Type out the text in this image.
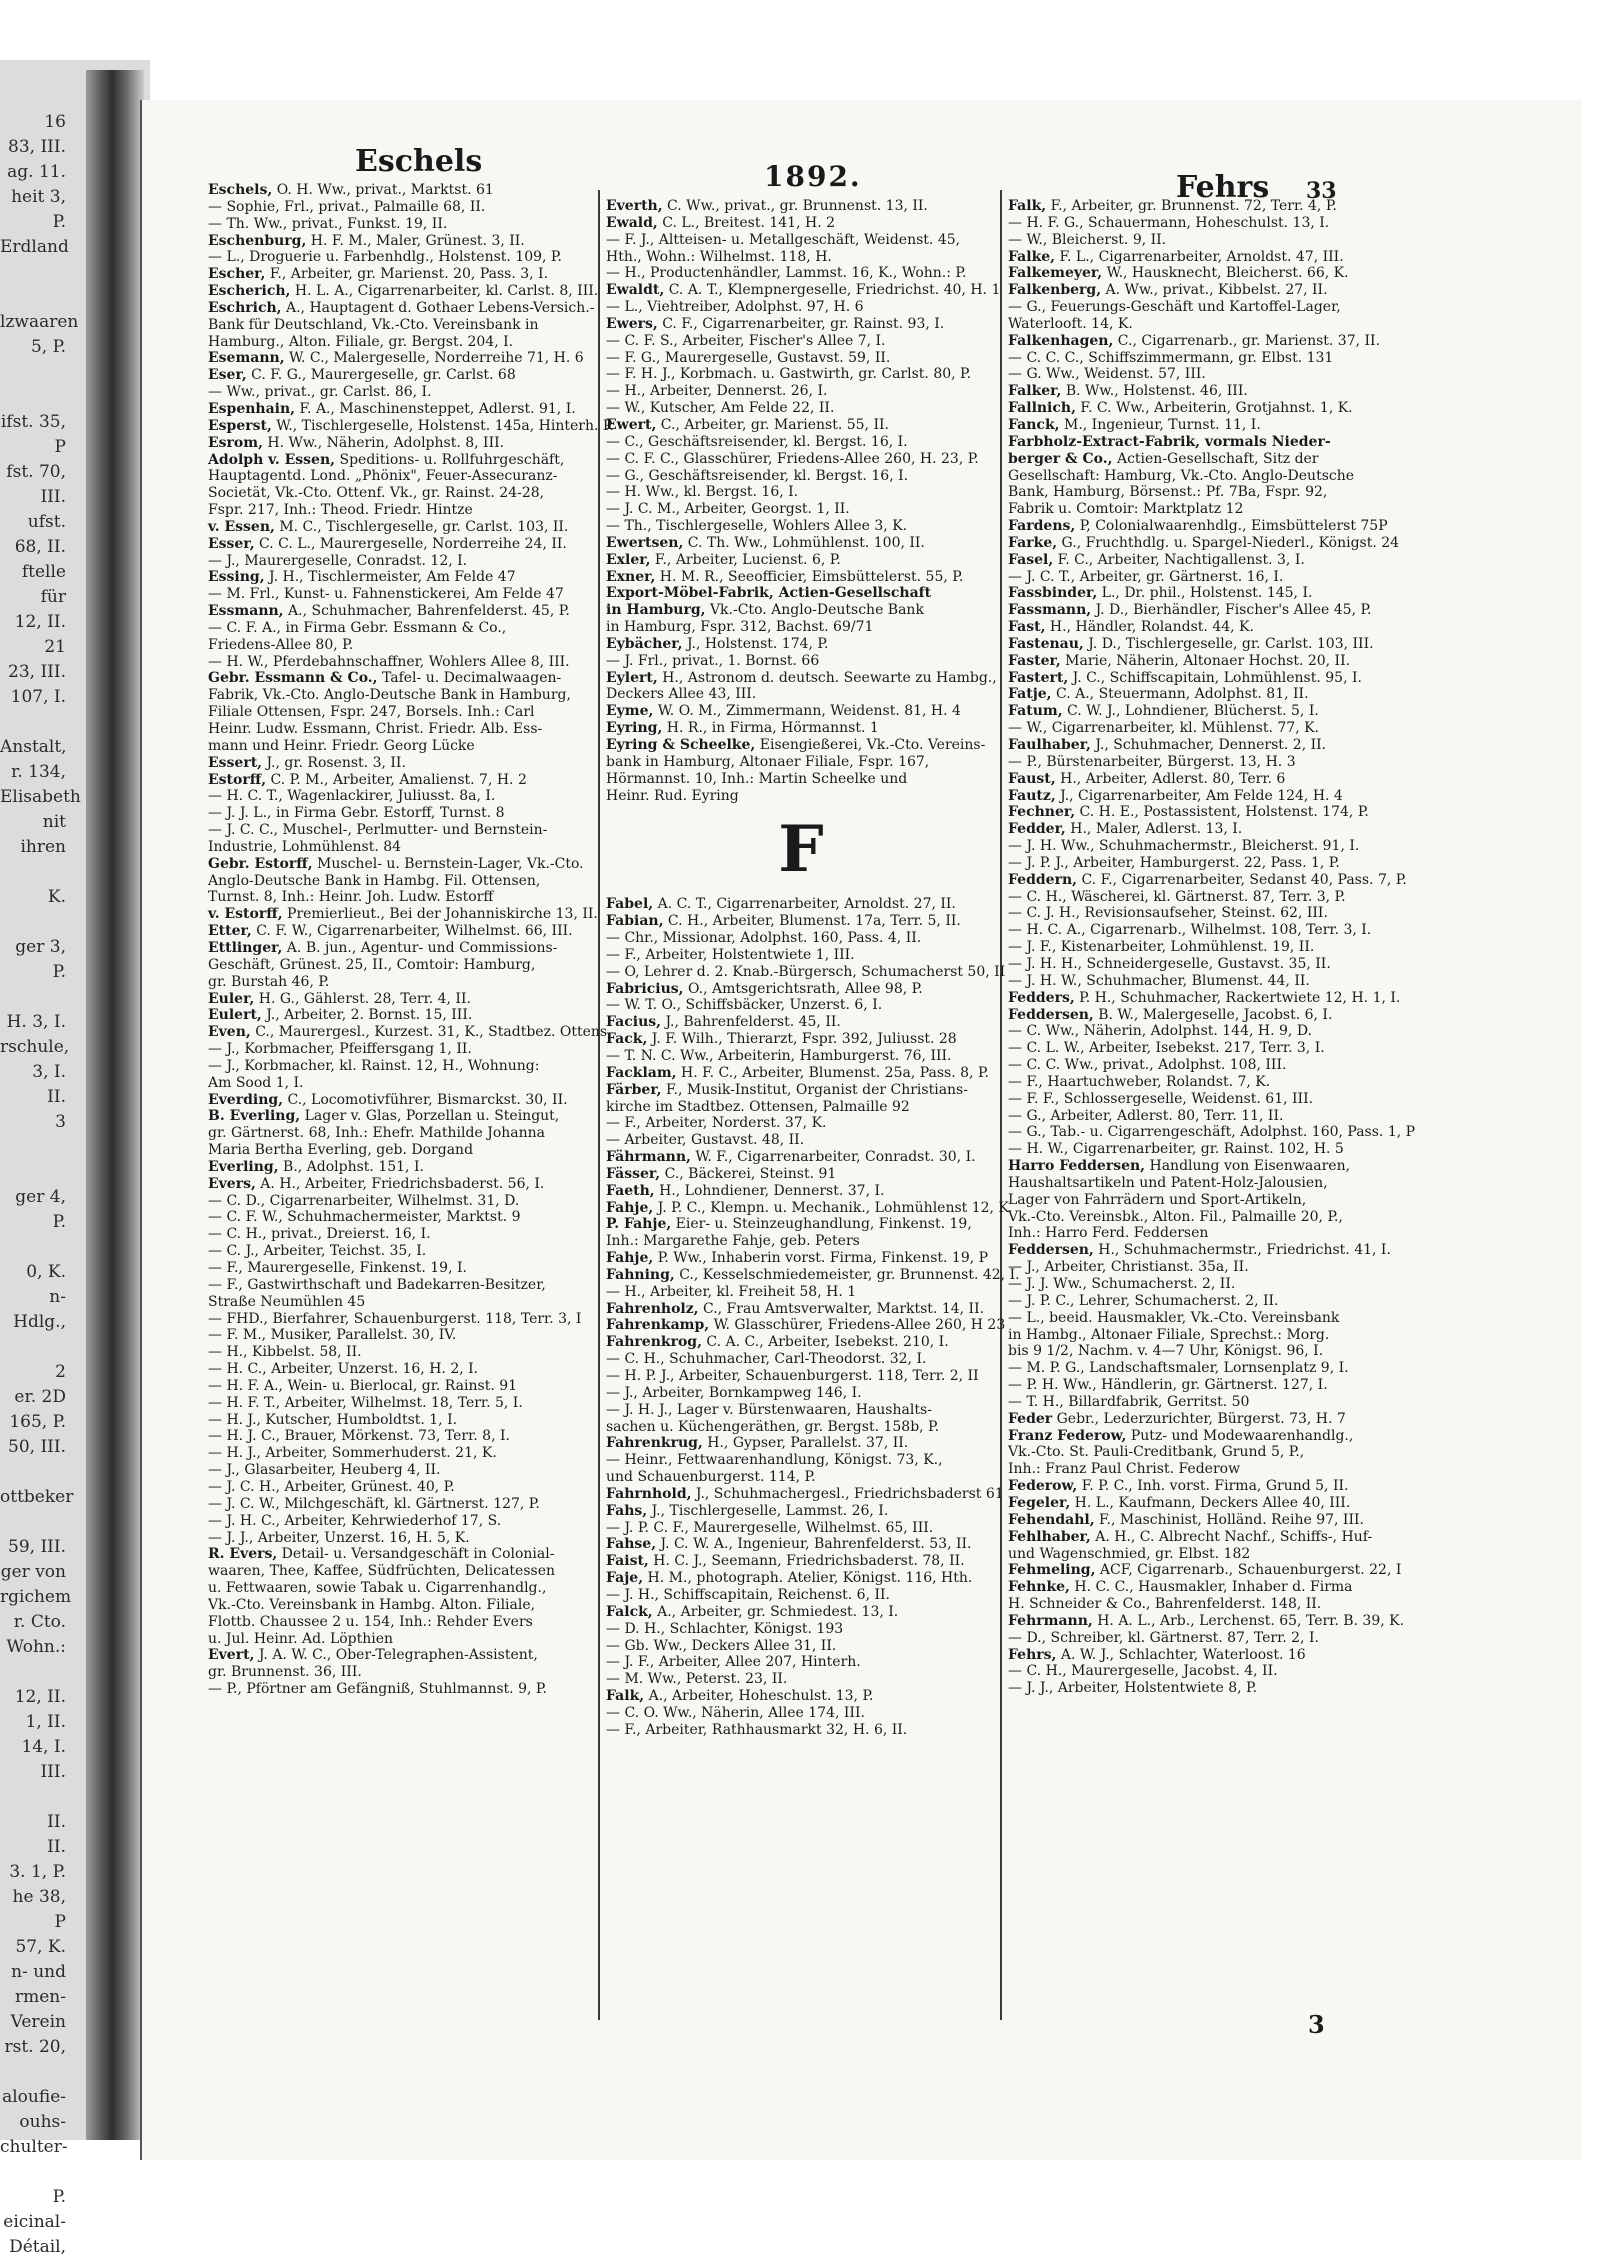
16
83, III.
ag. 11.
heit 3, P.
Erdland

lzwaaren
5, P.

ifst. 35, P
fst. 70, III.
ufst. 68, II.
ftelle für
12, II.
21
23, III.
107, I.

Anstalt,
r. 134,
Elisabeth
nit ihren

K.

ger 3, P.

H. 3, I.
rschule,
3, I.
II.
3

ger 4, P.

0, K.
n-Hdlg.,

2
er. 2D
165, P.
50, III.

ottbeker

59, III.
ger von
rgichem
r. Cto.
Wohn.:

12, II.
1, II.
14, I.
III.

II.
II.
3. 1, P.
he 38, P
57, K.
n- und
rmen-
Verein
rst. 20,

aloufie-
ouhs-
chulter-

P.
eicinal-
Détail,
Eschels	1892.	Fehrs 33
Eschels, O. H. Ww., privat., Marktst. 61
— Sophie, Frl., privat., Palmaille 68, II.
— Th. Ww., privat., Funkst. 19, II.
Eschenburg, H. F. M., Maler, Grünest. 3, II.
— L., Droguerie u. Farbenhdlg., Holstenst. 109, P.
Escher, F., Arbeiter, gr. Marienst. 20, Pass. 3, I.
Escherich, H. L. A., Cigarrenarbeiter, kl. Carlst. 8, III.
Eschrich, A., Hauptagent d. Gothaer Lebens-Versich.-
Bank für Deutschland, Vk.-Cto. Vereinsbank in
Hamburg., Alton. Filiale, gr. Bergst. 204, I.
Esemann, W. C., Malergeselle, Norderreihe 71, H. 6
Eser, C. F. G., Maurergeselle, gr. Carlst. 68
— Ww., privat., gr. Carlst. 86, I.
Espenhain, F. A., Maschinensteppet, Adlerst. 91, I.
Esperst, W., Tischlergeselle, Holstenst. 145a, Hinterh. P.
Esrom, H. Ww., Näherin, Adolphst. 8, III.
Adolph v. Essen, Speditions- u. Rollfuhrgeschäft,
Hauptagentd. Lond. „Phönix", Feuer-Assecuranz-
Societät, Vk.-Cto. Ottenf. Vk., gr. Rainst. 24-28,
Fspr. 217, Inh.: Theod. Friedr. Hintze
v. Essen, M. C., Tischlergeselle, gr. Carlst. 103, II.
Esser, C. C. L., Maurergeselle, Norderreihe 24, II.
— J., Maurergeselle, Conradst. 12, I.
Essing, J. H., Tischlermeister, Am Felde 47
— M. Frl., Kunst- u. Fahnenstickerei, Am Felde 47
Essmann, A., Schuhmacher, Bahrenfelderst. 45, P.
— C. F. A., in Firma Gebr. Essmann & Co.,
Friedens-Allee 80, P.
— H. W., Pferdebahnschaffner, Wohlers Allee 8, III.
Gebr. Essmann & Co., Tafel- u. Decimalwaagen-
Fabrik, Vk.-Cto. Anglo-Deutsche Bank in Hamburg,
Filiale Ottensen, Fspr. 247, Borsels. Inh.: Carl
Heinr. Ludw. Essmann, Christ. Friedr. Alb. Ess-
mann und Heinr. Friedr. Georg Lücke
Essert, J., gr. Rosenst. 3, II.
Estorff, C. P. M., Arbeiter, Amalienst. 7, H. 2
— H. C. T., Wagenlackirer, Juliusst. 8a, I.
— J. J. L., in Firma Gebr. Estorff, Turnst. 8
— J. C. C., Muschel-, Perlmutter- und Bernstein-
Industrie, Lohmühlenst. 84
Gebr. Estorff, Muschel- u. Bernstein-Lager, Vk.-Cto.
Anglo-Deutsche Bank in Hambg. Fil. Ottensen,
Turnst. 8, Inh.: Heinr. Joh. Ludw. Estorff
v. Estorff, Premierlieut., Bei der Johanniskirche 13, II.
Etter, C. F. W., Cigarrenarbeiter, Wilhelmst. 66, III.
Ettlinger, A. B. jun., Agentur- und Commissions-
Geschäft, Grünest. 25, II., Comtoir: Hamburg,
gr. Burstah 46, P.
Euler, H. G., Gählerst. 28, Terr. 4, II.
Eulert, J., Arbeiter, 2. Bornst. 15, III.
Even, C., Maurergesl., Kurzest. 31, K., Stadtbez. Ottens.
— J., Korbmacher, Pfeiffersgang 1, II.
— J., Korbmacher, kl. Rainst. 12, H., Wohnung:
Am Sood 1, I.
Everding, C., Locomotivführer, Bismarckst. 30, II.
B. Everling, Lager v. Glas, Porzellan u. Steingut,
gr. Gärtnerst. 68, Inh.: Ehefr. Mathilde Johanna
Maria Bertha Everling, geb. Dorgand
Everling, B., Adolphst. 151, I.
Evers, A. H., Arbeiter, Friedrichsbaderst. 56, I.
— C. D., Cigarrenarbeiter, Wilhelmst. 31, D.
— C. F. W., Schuhmachermeister, Marktst. 9
— C. H., privat., Dreierst. 16, I.
— C. J., Arbeiter, Teichst. 35, I.
— F., Maurergeselle, Finkenst. 19, I.
— F., Gastwirthschaft und Badekarren-Besitzer,
Straße Neumühlen 45
— FHD., Bierfahrer, Schauenburgerst. 118, Terr. 3, I
— F. M., Musiker, Parallelst. 30, IV.
— H., Kibbelst. 58, II.
— H. C., Arbeiter, Unzerst. 16, H. 2, I.
— H. F. A., Wein- u. Bierlocal, gr. Rainst. 91
— H. F. T., Arbeiter, Wilhelmst. 18, Terr. 5, I.
— H. J., Kutscher, Humboldtst. 1, I.
— H. J. C., Brauer, Mörkenst. 73, Terr. 8, I.
— H. J., Arbeiter, Sommerhuderst. 21, K.
— J., Glasarbeiter, Heuberg 4, II.
— J. C. H., Arbeiter, Grünest. 40, P.
— J. C. W., Milchgeschäft, kl. Gärtnerst. 127, P.
— J. H. C., Arbeiter, Kehrwiederhof 17, S.
— J. J., Arbeiter, Unzerst. 16, H. 5, K.
R. Evers, Detail- u. Versandgeschäft in Colonial-
waaren, Thee, Kaffee, Südfrüchten, Delicatessen
u. Fettwaaren, sowie Tabak u. Cigarrenhandlg.,
Vk.-Cto. Vereinsbank in Hambg. Alton. Filiale,
Flottb. Chaussee 2 u. 154, Inh.: Rehder Evers
u. Jul. Heinr. Ad. Löpthien
Evert, J. A. W. C., Ober-Telegraphen-Assistent,
gr. Brunnenst. 36, III.
— P., Pförtner am Gefängniß, Stuhlmannst. 9, P.
Everth, C. Ww., privat., gr. Brunnenst. 13, II.
Ewald, C. L., Breitest. 141, H. 2
— F. J., Altteisen- u. Metallgeschäft, Weidenst. 45,
Hth., Wohn.: Wilhelmst. 118, H.
— H., Productenhändler, Lammst. 16, K., Wohn.: P.
Ewaldt, C. A. T., Klempnergeselle, Friedrichst. 40, H. 1
— L., Viehtreiber, Adolphst. 97, H. 6
Ewers, C. F., Cigarrenarbeiter, gr. Rainst. 93, I.
— C. F. S., Arbeiter, Fischer's Allee 7, I.
— F. G., Maurergeselle, Gustavst. 59, II.
— F. H. J., Korbmach. u. Gastwirth, gr. Carlst. 80, P.
— H., Arbeiter, Dennerst. 26, I.
— W., Kutscher, Am Felde 22, II.
Ewert, C., Arbeiter, gr. Marienst. 55, II.
— C., Geschäftsreisender, kl. Bergst. 16, I.
— C. F. C., Glasschürer, Friedens-Allee 260, H. 23, P.
— G., Geschäftsreisender, kl. Bergst. 16, I.
— H. Ww., kl. Bergst. 16, I.
— J. C. M., Arbeiter, Georgst. 1, II.
— Th., Tischlergeselle, Wohlers Allee 3, K.
Ewertsen, C. Th. Ww., Lohmühlenst. 100, II.
Exler, F., Arbeiter, Lucienst. 6, P.
Exner, H. M. R., Seeofficier, Eimsbüttelerst. 55, P.
Export-Möbel-Fabrik, Actien-Gesellschaft
in Hamburg, Vk.-Cto. Anglo-Deutsche Bank
in Hamburg, Fspr. 312, Bachst. 69/71
Eybächer, J., Holstenst. 174, P.
— J. Frl., privat., 1. Bornst. 66
Eylert, H., Astronom d. deutsch. Seewarte zu Hambg.,
Deckers Allee 43, III.
Eyme, W. O. M., Zimmermann, Weidenst. 81, H. 4
Eyring, H. R., in Firma, Hörmannst. 1
Eyring & Scheelke, Eisengießerei, Vk.-Cto. Vereins-
bank in Hamburg, Altonaer Filiale, Fspr. 167,
Hörmannst. 10, Inh.: Martin Scheelke und
Heinr. Rud. Eyring
F
Fabel, A. C. T., Cigarrenarbeiter, Arnoldst. 27, II.
Fabian, C. H., Arbeiter, Blumenst. 17a, Terr. 5, II.
— Chr., Missionar, Adolphst. 160, Pass. 4, II.
— F., Arbeiter, Holstentwiete 1, III.
— O, Lehrer d. 2. Knab.-Bürgersch, Schumacherst 50, II
Fabricius, O., Amtsgerichtsrath, Allee 98, P.
— W. T. O., Schiffsbäcker, Unzerst. 6, I.
Facius, J., Bahrenfelderst. 45, II.
Fack, J. F. Wilh., Thierarzt, Fspr. 392, Juliusst. 28
— T. N. C. Ww., Arbeiterin, Hamburgerst. 76, III.
Facklam, H. F. C., Arbeiter, Blumenst. 25a, Pass. 8, P.
Färber, F., Musik-Institut, Organist der Christians-
kirche im Stadtbez. Ottensen, Palmaille 92
— F., Arbeiter, Norderst. 37, K.
— Arbeiter, Gustavst. 48, II.
Fährmann, W. F., Cigarrenarbeiter, Conradst. 30, I.
Fässer, C., Bäckerei, Steinst. 91
Faeth, H., Lohndiener, Dennerst. 37, I.
Fahje, J. P. C., Klempn. u. Mechanik., Lohmühlenst 12, K
P. Fahje, Eier- u. Steinzeughandlung, Finkenst. 19,
Inh.: Margarethe Fahje, geb. Peters
Fahje, P. Ww., Inhaberin vorst. Firma, Finkenst. 19, P
Fahning, C., Kesselschmiedemeister, gr. Brunnenst. 42, I.
— H., Arbeiter, kl. Freiheit 58, H. 1
Fahrenholz, C., Frau Amtsverwalter, Marktst. 14, II.
Fahrenkamp, W. Glasschürer, Friedens-Allee 260, H 23
Fahrenkrog, C. A. C., Arbeiter, Isebekst. 210, I.
— C. H., Schuhmacher, Carl-Theodorst. 32, I.
— H. P. J., Arbeiter, Schauenburgerst. 118, Terr. 2, II
— J., Arbeiter, Bornkampweg 146, I.
— J. H. J., Lager v. Bürstenwaaren, Haushalts-
sachen u. Küchengeräthen, gr. Bergst. 158b, P.
Fahrenkrug, H., Gypser, Parallelst. 37, II.
— Heinr., Fettwaarenhandlung, Königst. 73, K.,
und Schauenburgerst. 114, P.
Fahrnhold, J., Schuhmachergesl., Friedrichsbaderst 61
Fahs, J., Tischlergeselle, Lammst. 26, I.
— J. P. C. F., Maurergeselle, Wilhelmst. 65, III.
Fahse, J. C. W. A., Ingenieur, Bahrenfelderst. 53, II.
Faist, H. C. J., Seemann, Friedrichsbaderst. 78, II.
Faje, H. M., photograph. Atelier, Königst. 116, Hth.
— J. H., Schiffscapitain, Reichenst. 6, II.
Falck, A., Arbeiter, gr. Schmiedest. 13, I.
— D. H., Schlachter, Königst. 193
— Gb. Ww., Deckers Allee 31, II.
— J. F., Arbeiter, Allee 207, Hinterh.
— M. Ww., Peterst. 23, II.
Falk, A., Arbeiter, Hoheschulst. 13, P.
— C. O. Ww., Näherin, Allee 174, III.
— F., Arbeiter, Rathhausmarkt 32, H. 6, II.
Falk, F., Arbeiter, gr. Brunnenst. 72, Terr. 4, P.
— H. F. G., Schauermann, Hoheschulst. 13, I.
— W., Bleicherst. 9, II.
Falke, F. L., Cigarrenarbeiter, Arnoldst. 47, III.
Falkemeyer, W., Hausknecht, Bleicherst. 66, K.
Falkenberg, A. Ww., privat., Kibbelst. 27, II.
— G., Feuerungs-Geschäft und Kartoffel-Lager,
Waterlooft. 14, K.
Falkenhagen, C., Cigarrenarb., gr. Marienst. 37, II.
— C. C. C., Schiffszimmermann, gr. Elbst. 131
— G. Ww., Weidenst. 57, III.
Falker, B. Ww., Holstenst. 46, III.
Fallnich, F. C. Ww., Arbeiterin, Grotjahnst. 1, K.
Fanck, M., Ingenieur, Turnst. 11, I.
Farbholz-Extract-Fabrik, vormals Nieder-
berger & Co., Actien-Gesellschaft, Sitz der
Gesellschaft: Hamburg, Vk.-Cto. Anglo-Deutsche
Bank, Hamburg, Börsenst.: Pf. 7Ba, Fspr. 92,
Fabrik u. Comtoir: Marktplatz 12
Fardens, P, Colonialwaarenhdlg., Eimsbüttelerst 75P
Farke, G., Fruchthdlg. u. Spargel-Niederl., Königst. 24
Fasel, F. C., Arbeiter, Nachtigallenst. 3, I.
— J. C. T., Arbeiter, gr. Gärtnerst. 16, I.
Fassbinder, L., Dr. phil., Holstenst. 145, I.
Fassmann, J. D., Bierhändler, Fischer's Allee 45, P.
Fast, H., Händler, Rolandst. 44, K.
Fastenau, J. D., Tischlergeselle, gr. Carlst. 103, III.
Faster, Marie, Näherin, Altonaer Hochst. 20, II.
Fastert, J. C., Schiffscapitain, Lohmühlenst. 95, I.
Fatje, C. A., Steuermann, Adolphst. 81, II.
Fatum, C. W. J., Lohndiener, Blücherst. 5, I.
— W., Cigarrenarbeiter, kl. Mühlenst. 77, K.
Faulhaber, J., Schuhmacher, Dennerst. 2, II.
— P., Bürstenarbeiter, Bürgerst. 13, H. 3
Faust, H., Arbeiter, Adlerst. 80, Terr. 6
Fautz, J., Cigarrenarbeiter, Am Felde 124, H. 4
Fechner, C. H. E., Postassistent, Holstenst. 174, P.
Fedder, H., Maler, Adlerst. 13, I.
— J. H. Ww., Schuhmachermstr., Bleicherst. 91, I.
— J. P. J., Arbeiter, Hamburgerst. 22, Pass. 1, P.
Feddern, C. F., Cigarrenarbeiter, Sedanst 40, Pass. 7, P.
— C. H., Wäscherei, kl. Gärtnerst. 87, Terr. 3, P.
— C. J. H., Revisionsaufseher, Steinst. 62, III.
— H. C. A., Cigarrenarb., Wilhelmst. 108, Terr. 3, I.
— J. F., Kistenarbeiter, Lohmühlenst. 19, II.
— J. H. H., Schneidergeselle, Gustavst. 35, II.
— J. H. W., Schuhmacher, Blumenst. 44, II.
Fedders, P. H., Schuhmacher, Rackertwiete 12, H. 1, I.
Feddersen, B. W., Malergeselle, Jacobst. 6, I.
— C. Ww., Näherin, Adolphst. 144, H. 9, D.
— C. L. W., Arbeiter, Isebekst. 217, Terr. 3, I.
— C. C. Ww., privat., Adolphst. 108, III.
— F., Haartuchweber, Rolandst. 7, K.
— F. F., Schlossergeselle, Weidenst. 61, III.
— G., Arbeiter, Adlerst. 80, Terr. 11, II.
— G., Tab.- u. Cigarrengeschäft, Adolphst. 160, Pass. 1, P
— H. W., Cigarrenarbeiter, gr. Rainst. 102, H. 5
Harro Feddersen, Handlung von Eisenwaaren,
Haushaltsartikeln und Patent-Holz-Jalousien,
Lager von Fahrrädern und Sport-Artikeln,
Vk.-Cto. Vereinsbk., Alton. Fil., Palmaille 20, P.,
Inh.: Harro Ferd. Feddersen
Feddersen, H., Schuhmachermstr., Friedrichst. 41, I.
— J., Arbeiter, Christianst. 35a, II.
— J. J. Ww., Schumacherst. 2, II.
— J. P. C., Lehrer, Schumacherst. 2, II.
— L., beeid. Hausmakler, Vk.-Cto. Vereinsbank
in Hambg., Altonaer Filiale, Sprechst.: Morg.
bis 9 1/2, Nachm. v. 4—7 Uhr, Königst. 96, I.
— M. P. G., Landschaftsmaler, Lornsenplatz 9, I.
— P. H. Ww., Händlerin, gr. Gärtnerst. 127, I.
— T. H., Billardfabrik, Gerritst. 50
Feder Gebr., Lederzurichter, Bürgerst. 73, H. 7
Franz Federow, Putz- und Modewaarenhandlg.,
Vk.-Cto. St. Pauli-Creditbank, Grund 5, P.,
Inh.: Franz Paul Christ. Federow
Federow, F. P. C., Inh. vorst. Firma, Grund 5, II.
Fegeler, H. L., Kaufmann, Deckers Allee 40, III.
Fehendahl, F., Maschinist, Holländ. Reihe 97, III.
Fehlhaber, A. H., C. Albrecht Nachf., Schiffs-, Huf-
und Wagenschmied, gr. Elbst. 182
Fehmeling, ACF, Cigarrenarb., Schauenburgerst. 22, I
Fehnke, H. C. C., Hausmakler, Inhaber d. Firma
H. Schneider & Co., Bahrenfelderst. 148, II.
Fehrmann, H. A. L., Arb., Lerchenst. 65, Terr. B. 39, K.
— D., Schreiber, kl. Gärtnerst. 87, Terr. 2, I.
Fehrs, A. W. J., Schlachter, Waterloost. 16
— C. H., Maurergeselle, Jacobst. 4, II.
— J. J., Arbeiter, Holstentwiete 8, P.
3
